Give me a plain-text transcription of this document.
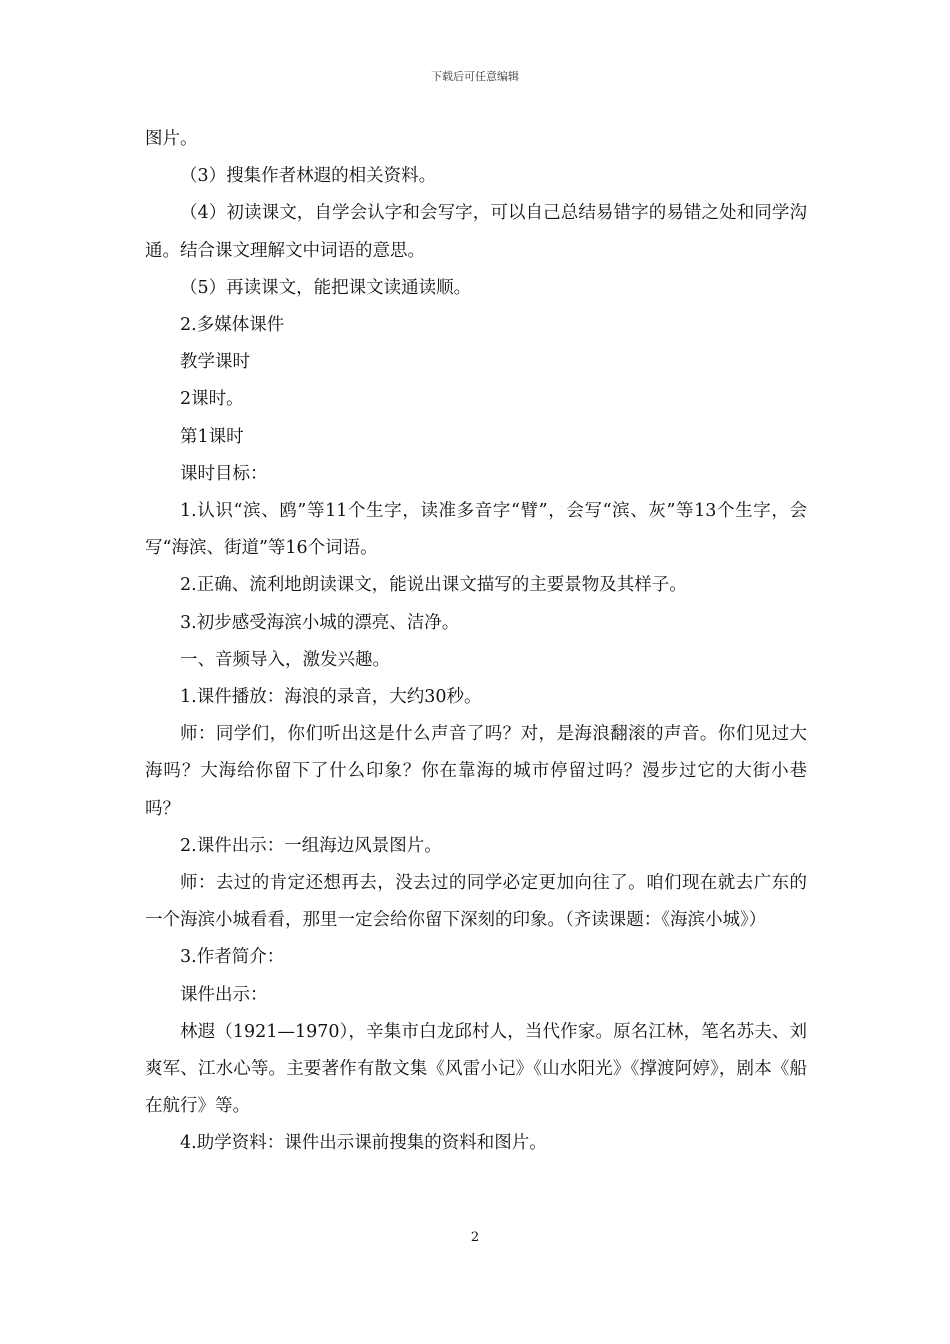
下载后可任意编辑

图片。

（3）搜集作者林遐的相关资料。

（4）初读课文，自学会认字和会写字，可以自己总结易错字的易错之处和同学沟通。结合课文理解文中词语的意思。

（5）再读课文，能把课文读通读顺。

2.多媒体课件

教学课时

2课时。

第1课时

课时目标：

1.认识“滨、鸥”等11个生字，读准多音字“臂”，会写“滨、灰”等13个生字，会写“海滨、街道”等16个词语。

2.正确、流利地朗读课文，能说出课文描写的主要景物及其样子。

3.初步感受海滨小城的漂亮、洁净。

一、音频导入，激发兴趣。

1.课件播放：海浪的录音，大约30秒。

师：同学们，你们听出这是什么声音了吗？对，是海浪翻滚的声音。你们见过大海吗？大海给你留下了什么印象？你在靠海的城市停留过吗？漫步过它的大街小巷吗？

2.课件出示：一组海边风景图片。

师：去过的肯定还想再去，没去过的同学必定更加向往了。咱们现在就去广东的一个海滨小城看看，那里一定会给你留下深刻的印象。（齐读课题：《海滨小城》）

3.作者简介：

课件出示：

林遐（1921—1970），辛集市白龙邱村人，当代作家。原名江林，笔名苏夫、刘爽军、江水心等。主要著作有散文集《风雷小记》《山水阳光》《撑渡阿婷》，剧本《船在航行》等。

4.助学资料：课件出示课前搜集的资料和图片。

2
